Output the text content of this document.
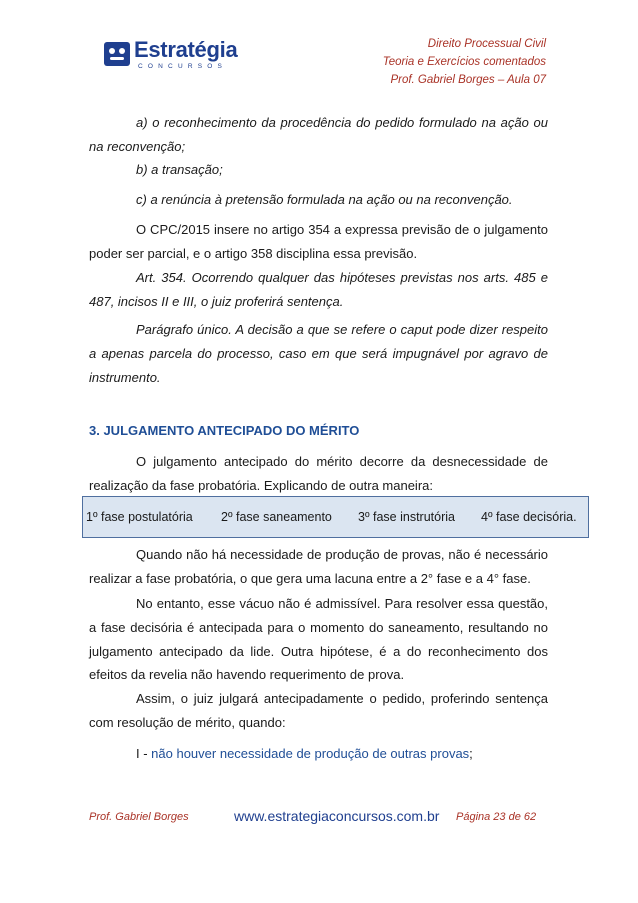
Estratégia
CONCURSOS
Direito Processual Civil
Teoria e Exercícios comentados
Prof. Gabriel Borges – Aula 07

a) o reconhecimento da procedência do pedido formulado na ação ou na reconvenção;

b) a transação;

c) a renúncia à pretensão formulada na ação ou na reconvenção.

O CPC/2015 insere no artigo 354 a expressa previsão de o julgamento poder ser parcial, e o artigo 358 disciplina essa previsão.

Art. 354. Ocorrendo qualquer das hipóteses previstas nos arts. 485 e 487, incisos II e III, o juiz proferirá sentença.

Parágrafo único. A decisão a que se refere o caput pode dizer respeito a apenas parcela do processo, caso em que será impugnável por agravo de instrumento.

3. JULGAMENTO ANTECIPADO DO MÉRITO

O julgamento antecipado do mérito decorre da desnecessidade de realização da fase probatória. Explicando de outra maneira:

1º fase postulatória 2º fase saneamento 3º fase instrutória 4º fase decisória.

Quando não há necessidade de produção de provas, não é necessário realizar a fase probatória, o que gera uma lacuna entre a 2° fase e a 4° fase.

No entanto, esse vácuo não é admissível. Para resolver essa questão, a fase decisória é antecipada para o momento do saneamento, resultando no julgamento antecipado da lide. Outra hipótese, é a do reconhecimento dos efeitos da revelia não havendo requerimento de prova.

Assim, o juiz julgará antecipadamente o pedido, proferindo sentença com resolução de mérito, quando:

I - não houver necessidade de produção de outras provas;

Prof. Gabriel Borges	www.estrategiaconcursos.com.br Página 23 de 62
